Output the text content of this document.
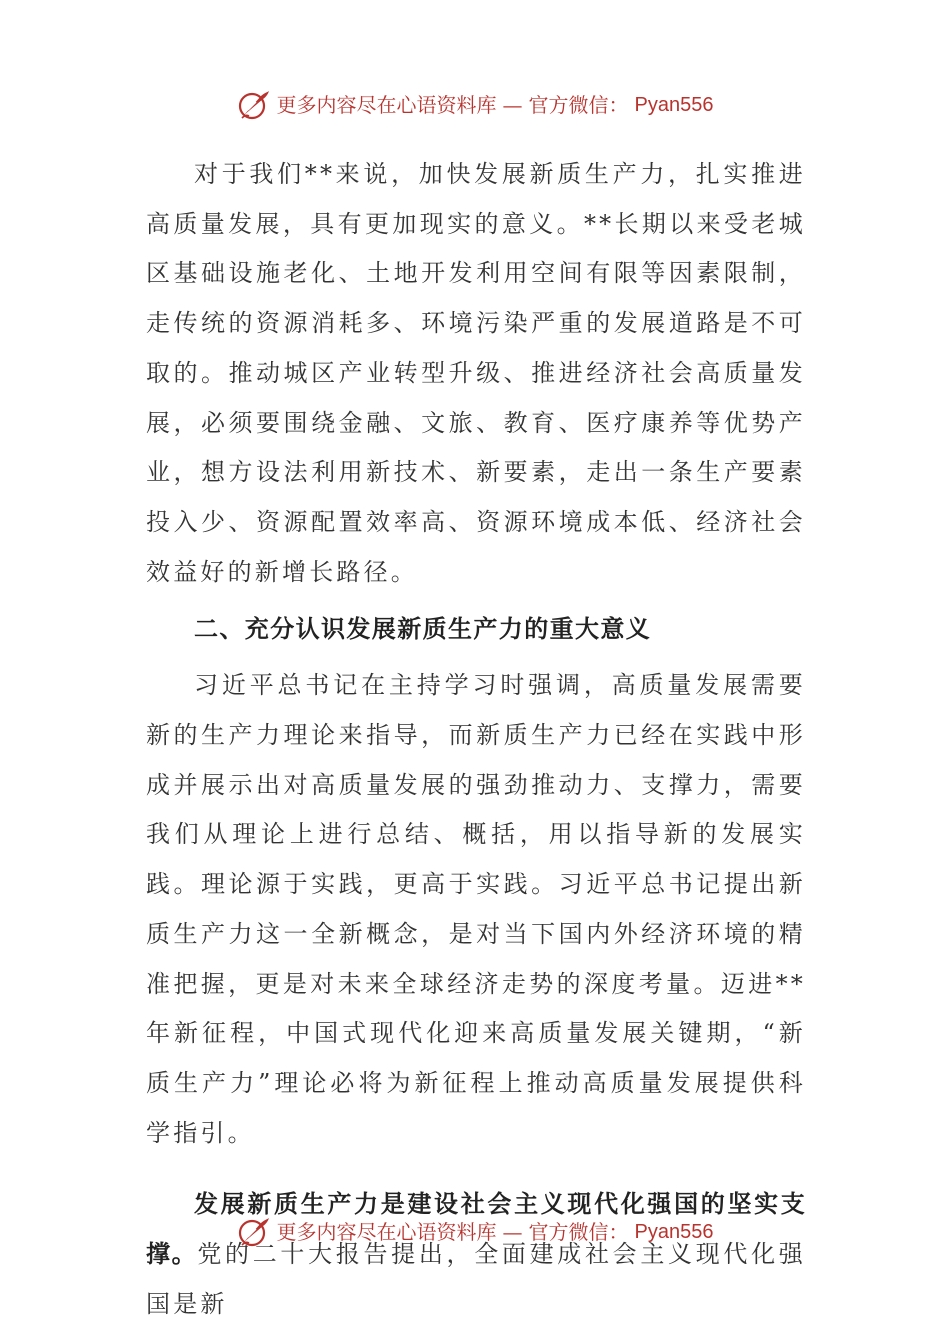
更多内容尽在心语资料库 — 官方微信： Pyan556

对于我们**来说，加快发展新质生产力，扎实推进高质量发展，具有更加现实的意义。**长期以来受老城区基础设施老化、土地开发利用空间有限等因素限制，走传统的资源消耗多、环境污染严重的发展道路是不可取的。推动城区产业转型升级、推进经济社会高质量发展，必须要围绕金融、文旅、教育、医疗康养等优势产业，想方设法利用新技术、新要素，走出一条生产要素投入少、资源配置效率高、资源环境成本低、经济社会效益好的新增长路径。

二、充分认识发展新质生产力的重大意义

习近平总书记在主持学习时强调，高质量发展需要新的生产力理论来指导，而新质生产力已经在实践中形成并展示出对高质量发展的强劲推动力、支撑力，需要我们从理论上进行总结、概括，用以指导新的发展实践。理论源于实践，更高于实践。习近平总书记提出新质生产力这一全新概念，是对当下国内外经济环境的精准把握，更是对未来全球经济走势的深度考量。迈进**年新征程，中国式现代化迎来高质量发展关键期，“新质生产力”理论必将为新征程上推动高质量发展提供科学指引。

发展新质生产力是建设社会主义现代化强国的坚实支撑。党的二十大报告提出，全面建成社会主义现代化强国是新

更多内容尽在心语资料库 — 官方微信： Pyan556
